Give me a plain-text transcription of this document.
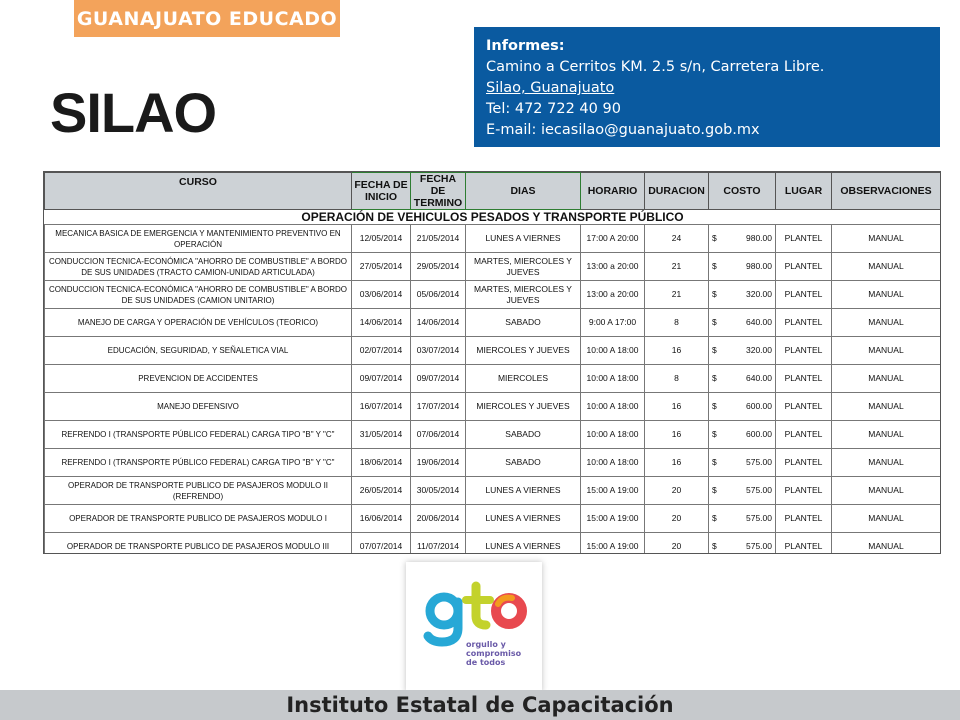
GUANAJUATO EDUCADO
SILAO
Informes:
Camino a Cerritos KM. 2.5 s/n, Carretera Libre.
Silao, Guanajuato
Tel: 472 722 40 90
E-mail: iecasilao@guanajuato.gob.mx
CURSO	FECHA DE INICIO	FECHA DE TERMINO	DIAS	HORARIO	DURACION	COSTO	LUGAR	OBSERVACIONES
OPERACIÓN DE VEHICULOS PESADOS Y TRANSPORTE PÚBLICO								
MECANICA BASICA DE EMERGENCIA Y MANTENIMIENTO PREVENTIVO EN OPERACIÓN	12/05/2014	21/05/2014	LUNES A VIERNES	17:00 A 20:00	24	$ 980.00	PLANTEL	MANUAL
CONDUCCION TECNICA-ECONÓMICA "AHORRO DE COMBUSTIBLE" A BORDO DE SUS UNIDADES (TRACTO CAMION-UNIDAD ARTICULADA)	27/05/2014	29/05/2014	MARTES, MIERCOLES Y JUEVES	13:00 a 20:00	21	$ 980.00	PLANTEL	MANUAL
CONDUCCION TECNICA-ECONÓMICA "AHORRO DE COMBUSTIBLE" A BORDO DE SUS UNIDADES (CAMION UNITARIO)	03/06/2014	05/06/2014	MARTES, MIERCOLES Y JUEVES	13:00 a 20:00	21	$ 320.00	PLANTEL	MANUAL
MANEJO DE CARGA Y OPERACIÓN DE VEHÍCULOS (TEORICO)	14/06/2014	14/06/2014	SABADO	9:00 A 17:00	8	$ 640.00	PLANTEL	MANUAL
EDUCACIÓN, SEGURIDAD, Y SEÑALETICA VIAL	02/07/2014	03/07/2014	MIERCOLES Y JUEVES	10:00 A 18:00	16	$ 320.00	PLANTEL	MANUAL
PREVENCION DE ACCIDENTES	09/07/2014	09/07/2014	MIERCOLES	10:00 A 18:00	8	$ 640.00	PLANTEL	MANUAL
MANEJO DEFENSIVO	16/07/2014	17/07/2014	MIERCOLES Y JUEVES	10:00 A 18:00	16	$ 600.00	PLANTEL	MANUAL
REFRENDO I (TRANSPORTE PÚBLICO FEDERAL) CARGA TIPO "B" Y "C"	31/05/2014	07/06/2014	SABADO	10:00 A 18:00	16	$ 600.00	PLANTEL	MANUAL
REFRENDO I (TRANSPORTE PÚBLICO FEDERAL) CARGA TIPO "B" Y "C"	18/06/2014	19/06/2014	SABADO	10:00 A 18:00	16	$ 575.00	PLANTEL	MANUAL
OPERADOR DE TRANSPORTE PUBLICO DE PASAJEROS MODULO II (REFRENDO)	26/05/2014	30/05/2014	LUNES A VIERNES	15:00 A 19:00	20	$ 575.00	PLANTEL	MANUAL
OPERADOR DE TRANSPORTE PUBLICO DE PASAJEROS MODULO I	16/06/2014	20/06/2014	LUNES A VIERNES	15:00 A 19:00	20	$ 575.00	PLANTEL	MANUAL
OPERADOR DE TRANSPORTE PUBLICO DE PASAJEROS MODULO III	07/07/2014	11/07/2014	LUNES A VIERNES	15:00 A 19:00	20	$ 575.00	PLANTEL	MANUAL
orgullo y
compromiso
de todos
Instituto Estatal de Capacitación
